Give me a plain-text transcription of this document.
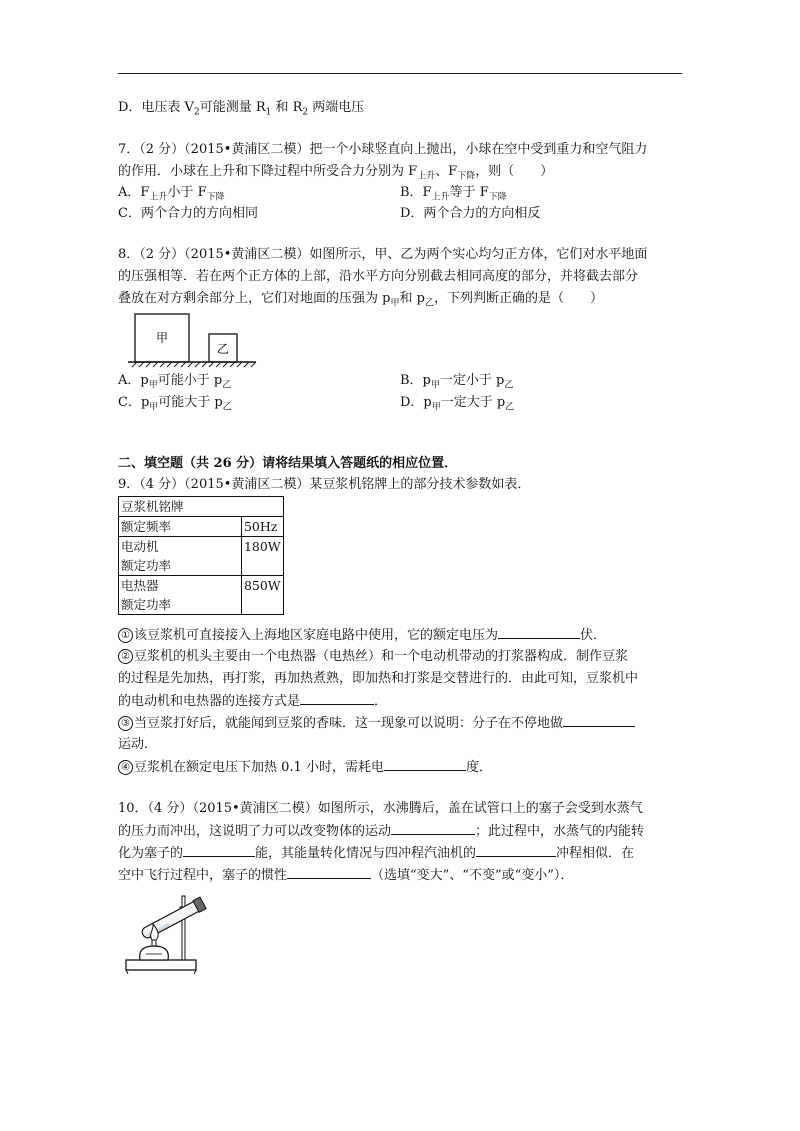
D．电压表 $V_2$可能测量 $R_1$ 和 $R_2$ 两端电压
7．（2 分）（2015•黄浦区二模）把一个小球竖直向上抛出，小球在空中受到重力和空气阻力
的作用．小球在上升和下降过程中所受合力分别为 $F_{上升}$、$F_{下降}$，则（　　）
A．$F_{上升}$小于 $F_{下降}$	B．$F_{上升}$等于 $F_{下降}$
C．两个合力的方向相同	D．两个合力的方向相反
8．（2 分）（2015•黄浦区二模）如图所示，甲、乙为两个实心均匀正方体，它们对水平地面
的压强相等．若在两个正方体的上部，沿水平方向分别截去相同高度的部分，并将截去部分
叠放在对方剩余部分上，它们对地面的压强为 $p_甲$和 $p_乙$，下列判断正确的是（　　）
甲
乙
A．$p_甲$可能小于 $p_乙$	B．$p_甲$一定小于 $p_乙$
C．$p_甲$可能大于 $p_乙$	D．$p_甲$一定大于 $p_乙$
二、填空题（共 26 分）请将结果填入答题纸的相应位置．
9．（4 分）（2015•黄浦区二模）某豆浆机铭牌上的部分技术参数如表．
豆浆机铭牌	
额定频率	50Hz
电动机
额定功率	180W
电热器
额定功率	850W
① 该豆浆机可直接接入上海地区家庭电路中使用，它的额定电压为	伏．
② 豆浆机的机头主要由一个电热器（电热丝）和一个电动机带动的打浆器构成．制作豆浆
的过程是先加热，再打浆，再加热煮熟，即加热和打浆是交替进行的．由此可知，豆浆机中
的电动机和电热器的连接方式是	．
③ 当豆浆打好后，就能闻到豆浆的香味．这一现象可以说明：分子在不停地做
运动．
④ 豆浆机在额定电压下加热 0.1 小时，需耗电	度．
10．（4 分）（2015•黄浦区二模）如图所示，水沸腾后，盖在试管口上的塞子会受到水蒸气
的压力而冲出，这说明了力可以改变物体的运动	；此过程中，水蒸气的内能转
化为塞子的	能，其能量转化情况与四冲程汽油机的	冲程相似．在
空中飞行过程中，塞子的惯性	（选填“变大”、“不变”或“变小”）．
